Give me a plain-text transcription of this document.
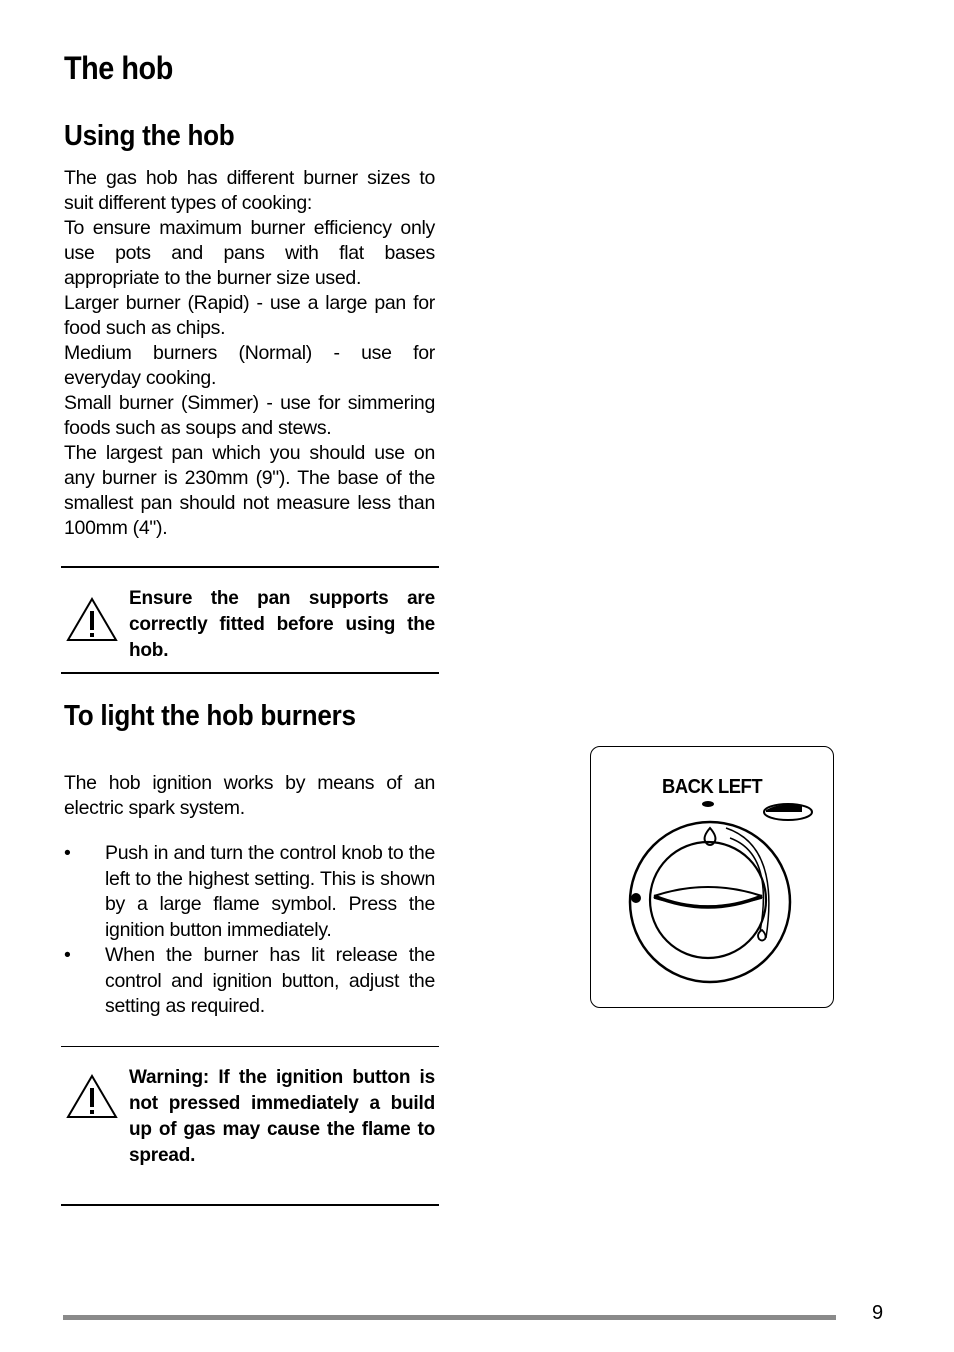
The hob
Using the hob

The gas hob has different burner sizes to suit different types of cooking:

To ensure maximum burner efficiency only use pots and pans with flat bases appropriate to the burner size used.

Larger burner (Rapid) - use a large pan for food such as chips.

Medium burners (Normal) - use for everyday cooking.

Small burner (Simmer) - use for simmering foods such as soups and stews.

The largest pan which you should use on any burner is 230mm (9"). The base of the smallest pan should not measure less than 100mm (4").

Ensure the pan supports are correctly fitted before using the hob.
To light the hob burners

The hob ignition works by means of an electric spark system.

• Push in and turn the control knob to the left to the highest setting. This is shown by a large flame symbol. Press the ignition button immediately.
• When the burner has lit release the control and ignition button, adjust the setting as required.
Warning: If the ignition button is not pressed immediately a build up of gas may cause the flame to spread.
BACK LEFT
9
